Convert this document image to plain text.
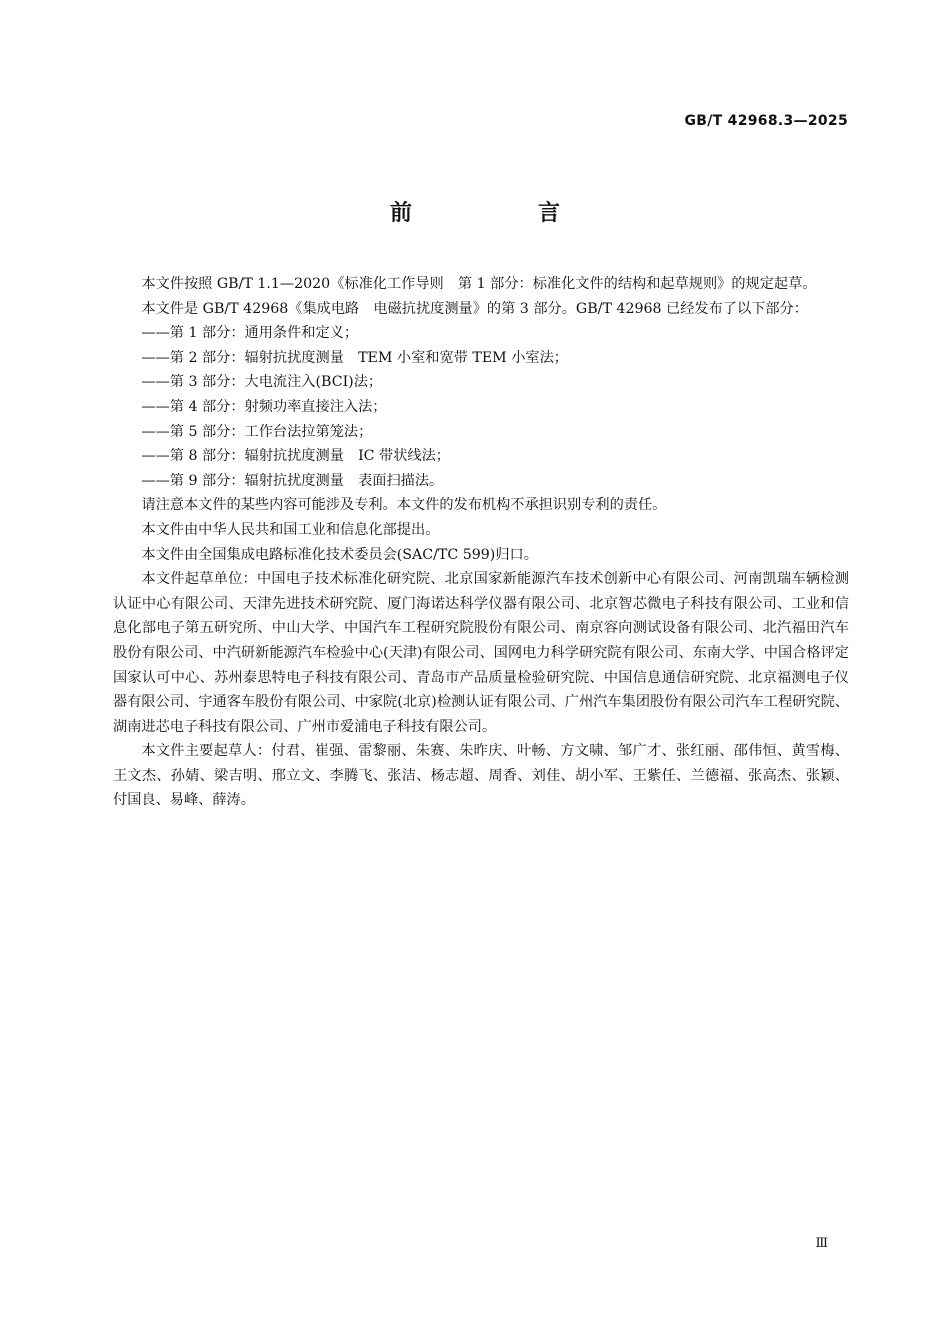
GB/T 42968.3—2025
前　言

本文件按照 GB/T 1.1—2020《标准化工作导则　第 1 部分：标准化文件的结构和起草规则》的规定起草。

本文件是 GB/T 42968《集成电路　电磁抗扰度测量》的第 3 部分。GB/T 42968 已经发布了以下部分：

——第 1 部分：通用条件和定义；
——第 2 部分：辐射抗扰度测量　TEM 小室和宽带 TEM 小室法；
——第 3 部分：大电流注入(BCI)法；
——第 4 部分：射频功率直接注入法；
——第 5 部分：工作台法拉第笼法；
——第 8 部分：辐射抗扰度测量　IC 带状线法；
——第 9 部分：辐射抗扰度测量　表面扫描法。

请注意本文件的某些内容可能涉及专利。本文件的发布机构不承担识别专利的责任。

本文件由中华人民共和国工业和信息化部提出。

本文件由全国集成电路标准化技术委员会(SAC/TC 599)归口。

本文件起草单位：中国电子技术标准化研究院、北京国家新能源汽车技术创新中心有限公司、河南凯瑞车辆检测认证中心有限公司、天津先进技术研究院、厦门海诺达科学仪器有限公司、北京智芯微电子科技有限公司、工业和信息化部电子第五研究所、中山大学、中国汽车工程研究院股份有限公司、南京容向测试设备有限公司、北汽福田汽车股份有限公司、中汽研新能源汽车检验中心(天津)有限公司、国网电力科学研究院有限公司、东南大学、中国合格评定国家认可中心、苏州泰思特电子科技有限公司、青岛市产品质量检验研究院、中国信息通信研究院、北京福测电子仪器有限公司、宇通客车股份有限公司、中家院(北京)检测认证有限公司、广州汽车集团股份有限公司汽车工程研究院、湖南进芯电子科技有限公司、广州市爱浦电子科技有限公司。

本文件主要起草人：付君、崔强、雷黎丽、朱赛、朱昨庆、叶畅、方文啸、邹广才、张红丽、邵伟恒、黄雪梅、王文杰、孙婧、梁吉明、邢立文、李腾飞、张洁、杨志超、周香、刘佳、胡小军、王紫任、兰德福、张高杰、张颖、付国良、易峰、薛涛。

Ⅲ
